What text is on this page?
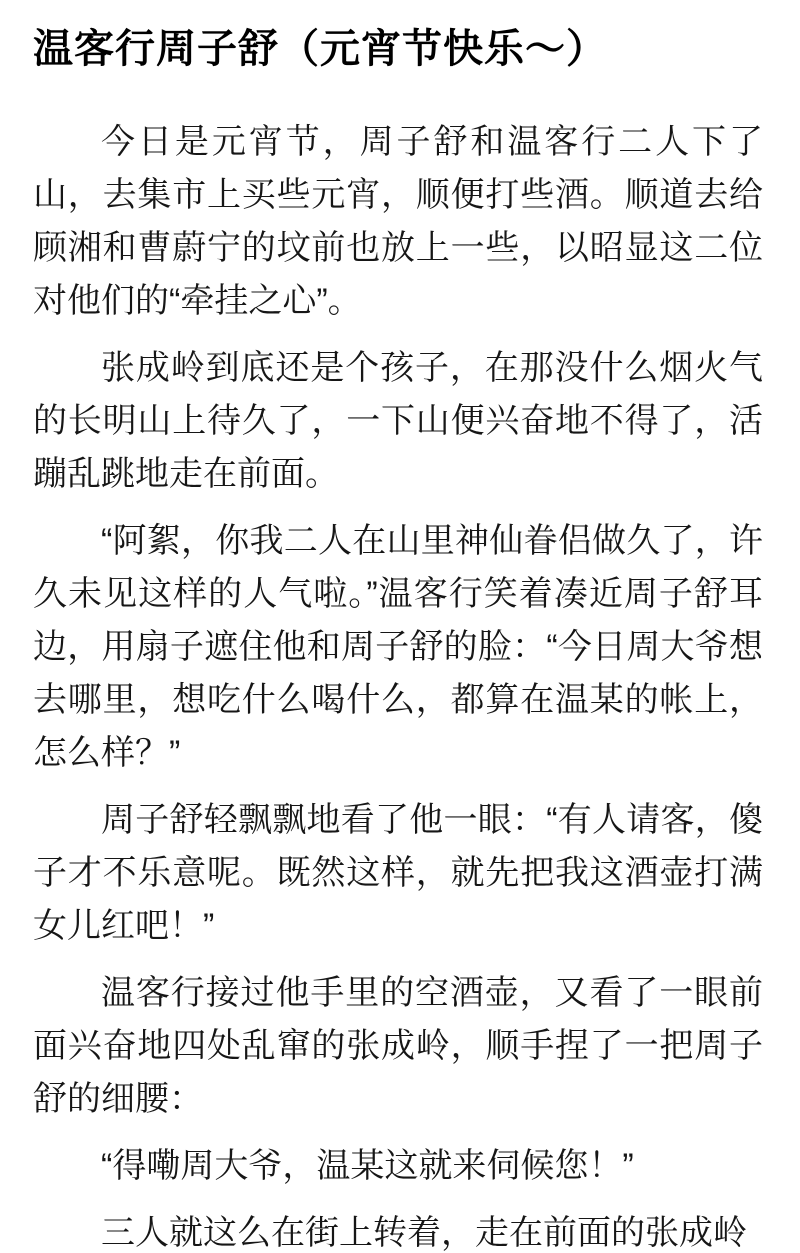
温客行周子舒（元宵节快乐～）

今日是元宵节，周子舒和温客行二人下了山，去集市上买些元宵，顺便打些酒。顺道去给顾湘和曹蔚宁的坟前也放上一些，以昭显这二位对他们的“牵挂之心”。

张成岭到底还是个孩子，在那没什么烟火气的长明山上待久了，一下山便兴奋地不得了，活蹦乱跳地走在前面。

“阿絮，你我二人在山里神仙眷侣做久了，许久未见这样的人气啦。”温客行笑着凑近周子舒耳边，用扇子遮住他和周子舒的脸：“今日周大爷想去哪里，想吃什么喝什么，都算在温某的帐上，怎么样？”

周子舒轻飘飘地看了他一眼：“有人请客，傻子才不乐意呢。既然这样，就先把我这酒壶打满女儿红吧！”

温客行接过他手里的空酒壶，又看了一眼前面兴奋地四处乱窜的张成岭，顺手捏了一把周子舒的细腰：

“得嘞周大爷，温某这就来伺候您！”

三人就这么在街上转着，走在前面的张成岭
